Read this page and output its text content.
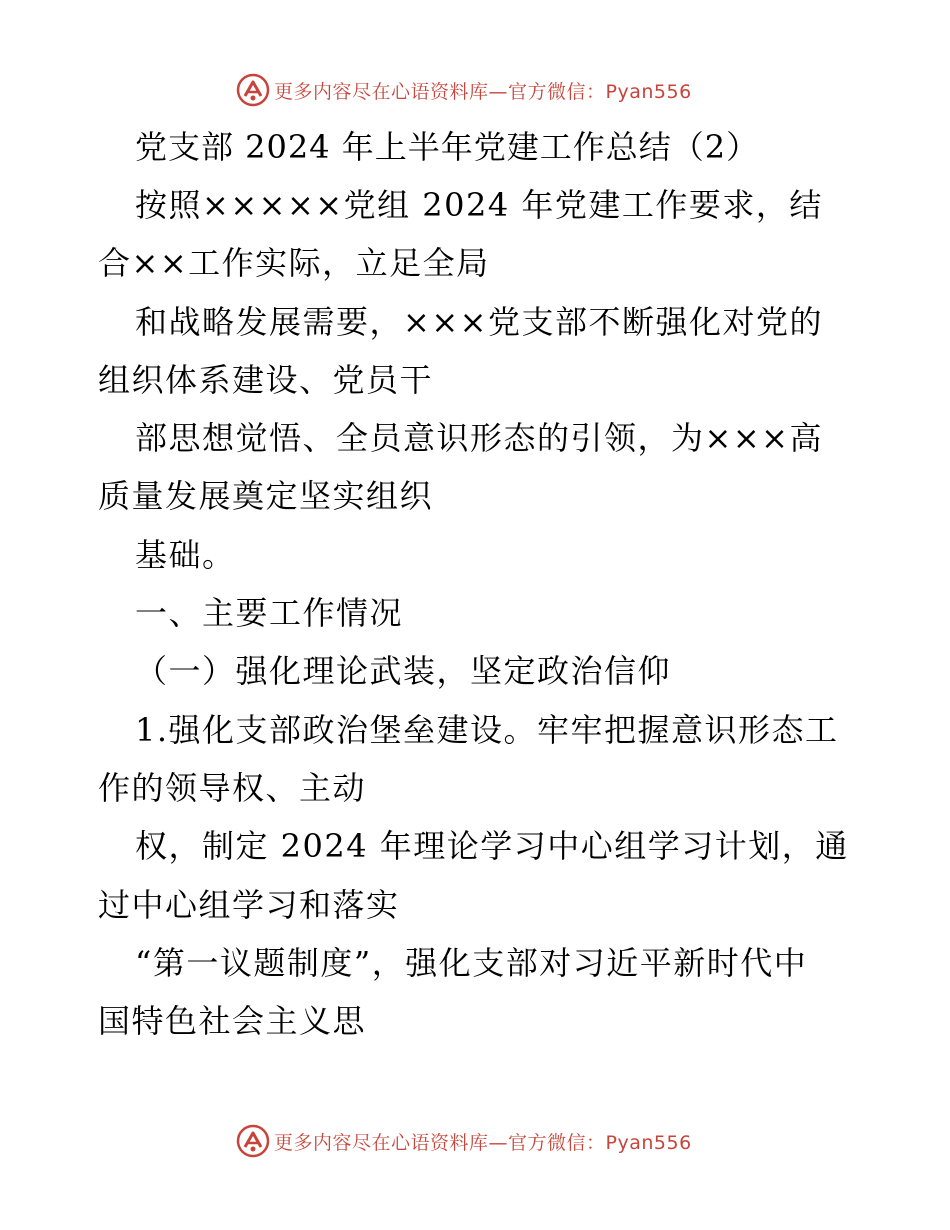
更多内容尽在心语资料库—官方微信：Pyan556
党支部 2024 年上半年党建工作总结（2）
按照×××××党组 2024 年党建工作要求，结
合××工作实际，立足全局
和战略发展需要，×××党支部不断强化对党的
组织体系建设、党员干
部思想觉悟、全员意识形态的引领，为×××高
质量发展奠定坚实组织
基础。
一、主要工作情况
（一）强化理论武装，坚定政治信仰
1.强化支部政治堡垒建设。牢牢把握意识形态工
作的领导权、主动
权，制定 2024 年理论学习中心组学习计划，通
过中心组学习和落实
“第一议题制度”，强化支部对习近平新时代中
国特色社会主义思
更多内容尽在心语资料库—官方微信：Pyan556
